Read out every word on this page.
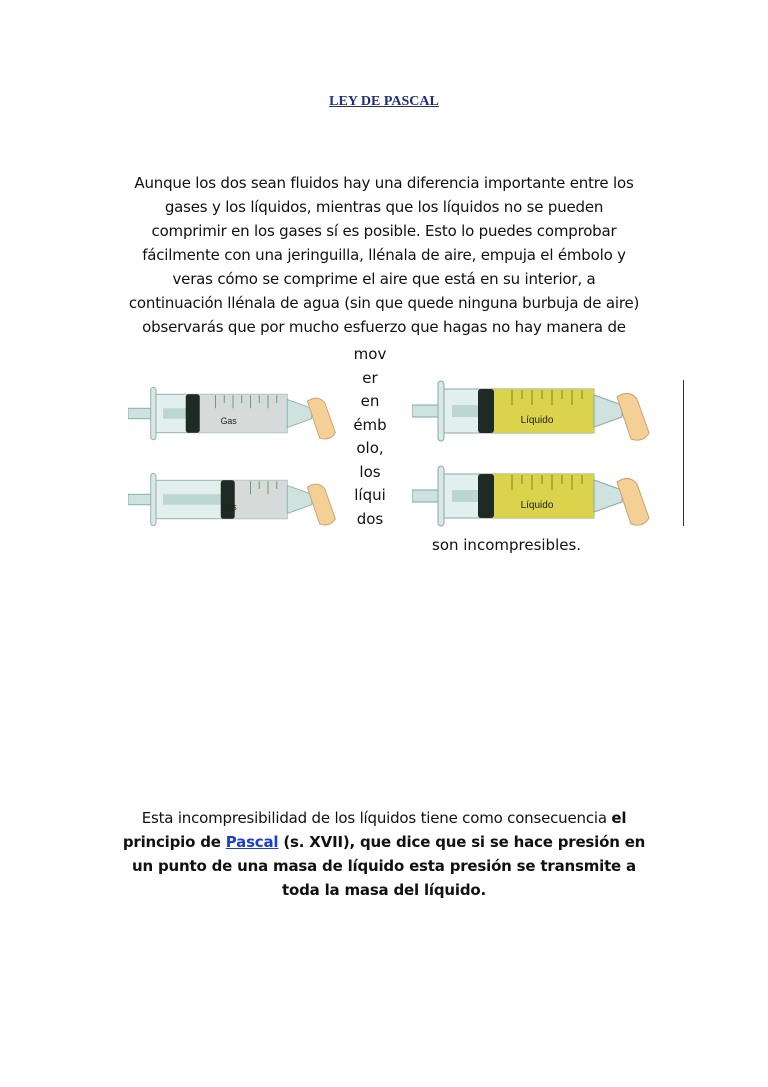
LEY DE PASCAL
Aunque los dos sean fluidos hay una diferencia importante entre los
gases y los líquidos, mientras que los líquidos no se pueden
comprimir en los gases sí es posible. Esto lo puedes comprobar
fácilmente con una jeringuilla, llénala de aire, empuja el émbolo y
veras cómo se comprime el aire que está en su interior, a
continuación llénala de agua (sin que quede ninguna burbuja de aire)
observarás que por mucho esfuerzo que hagas no hay manera de
mov
er
en
émb
olo,
los
líqui
dos
son incompresibles.
Gas
Gas
Líquido
Líquido
Esta incompresibilidad de los líquidos tiene como consecuencia el
principio de Pascal (s. XVII), que dice que si se hace presión en
un punto de una masa de líquido esta presión se transmite a
toda la masa del líquido.
